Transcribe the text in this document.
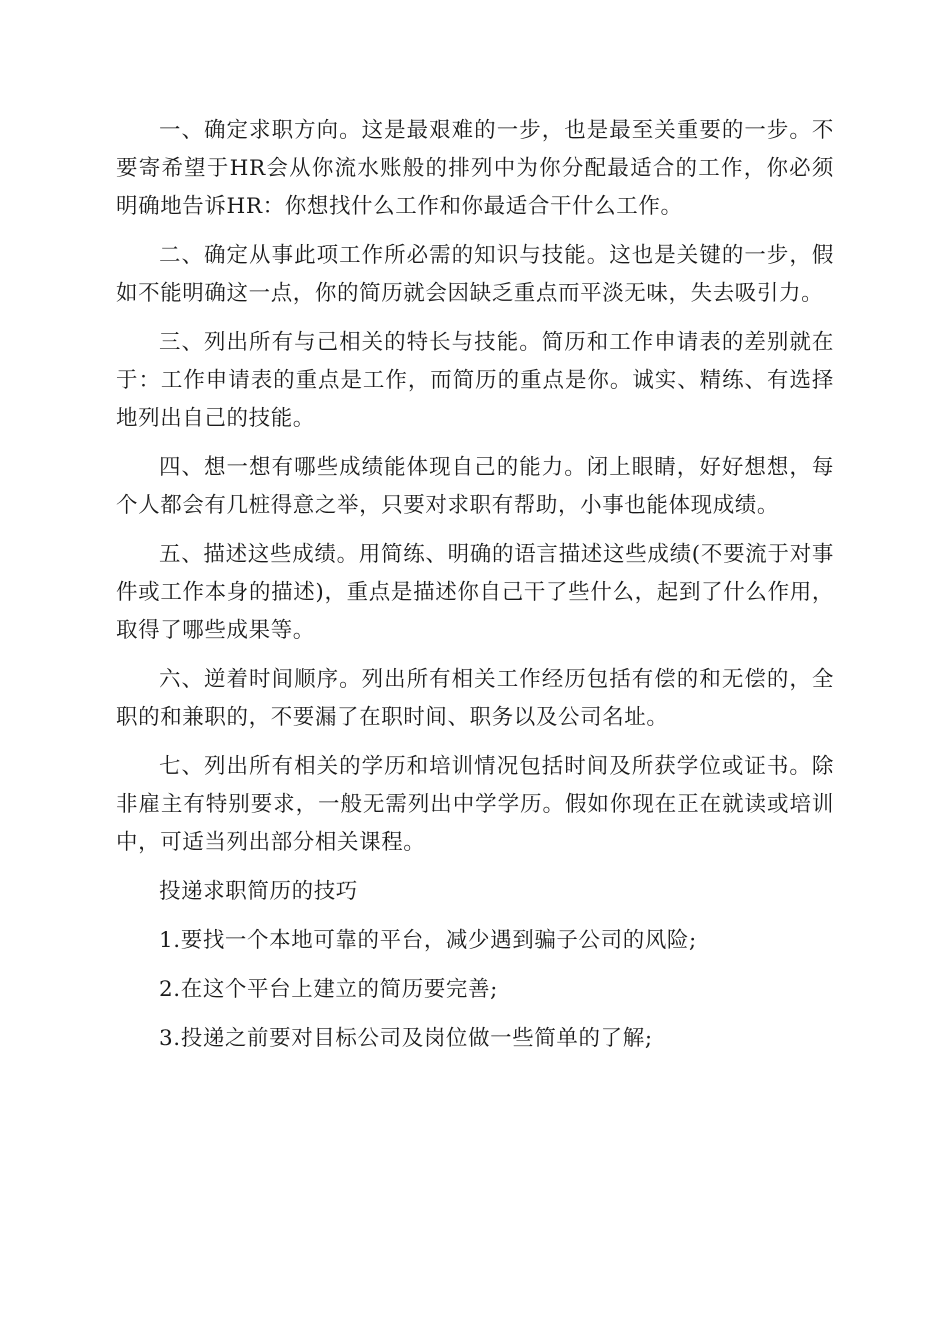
一、确定求职方向。这是最艰难的一步，也是最至关重要的一步。不要寄希望于HR会从你流水账般的排列中为你分配最适合的工作，你必须明确地告诉HR：你想找什么工作和你最适合干什么工作。

二、确定从事此项工作所必需的知识与技能。这也是关键的一步，假如不能明确这一点，你的简历就会因缺乏重点而平淡无味，失去吸引力。

三、列出所有与己相关的特长与技能。简历和工作申请表的差别就在于：工作申请表的重点是工作，而简历的重点是你。诚实、精练、有选择地列出自己的技能。

四、想一想有哪些成绩能体现自己的能力。闭上眼睛，好好想想，每个人都会有几桩得意之举，只要对求职有帮助，小事也能体现成绩。

五、描述这些成绩。用简练、明确的语言描述这些成绩(不要流于对事件或工作本身的描述)，重点是描述你自己干了些什么，起到了什么作用，取得了哪些成果等。

六、逆着时间顺序。列出所有相关工作经历包括有偿的和无偿的，全职的和兼职的，不要漏了在职时间、职务以及公司名址。

七、列出所有相关的学历和培训情况包括时间及所获学位或证书。除非雇主有特别要求，一般无需列出中学学历。假如你现在正在就读或培训中，可适当列出部分相关课程。

投递求职简历的技巧

1.要找一个本地可靠的平台，减少遇到骗子公司的风险;

2.在这个平台上建立的简历要完善;

3.投递之前要对目标公司及岗位做一些简单的了解;
